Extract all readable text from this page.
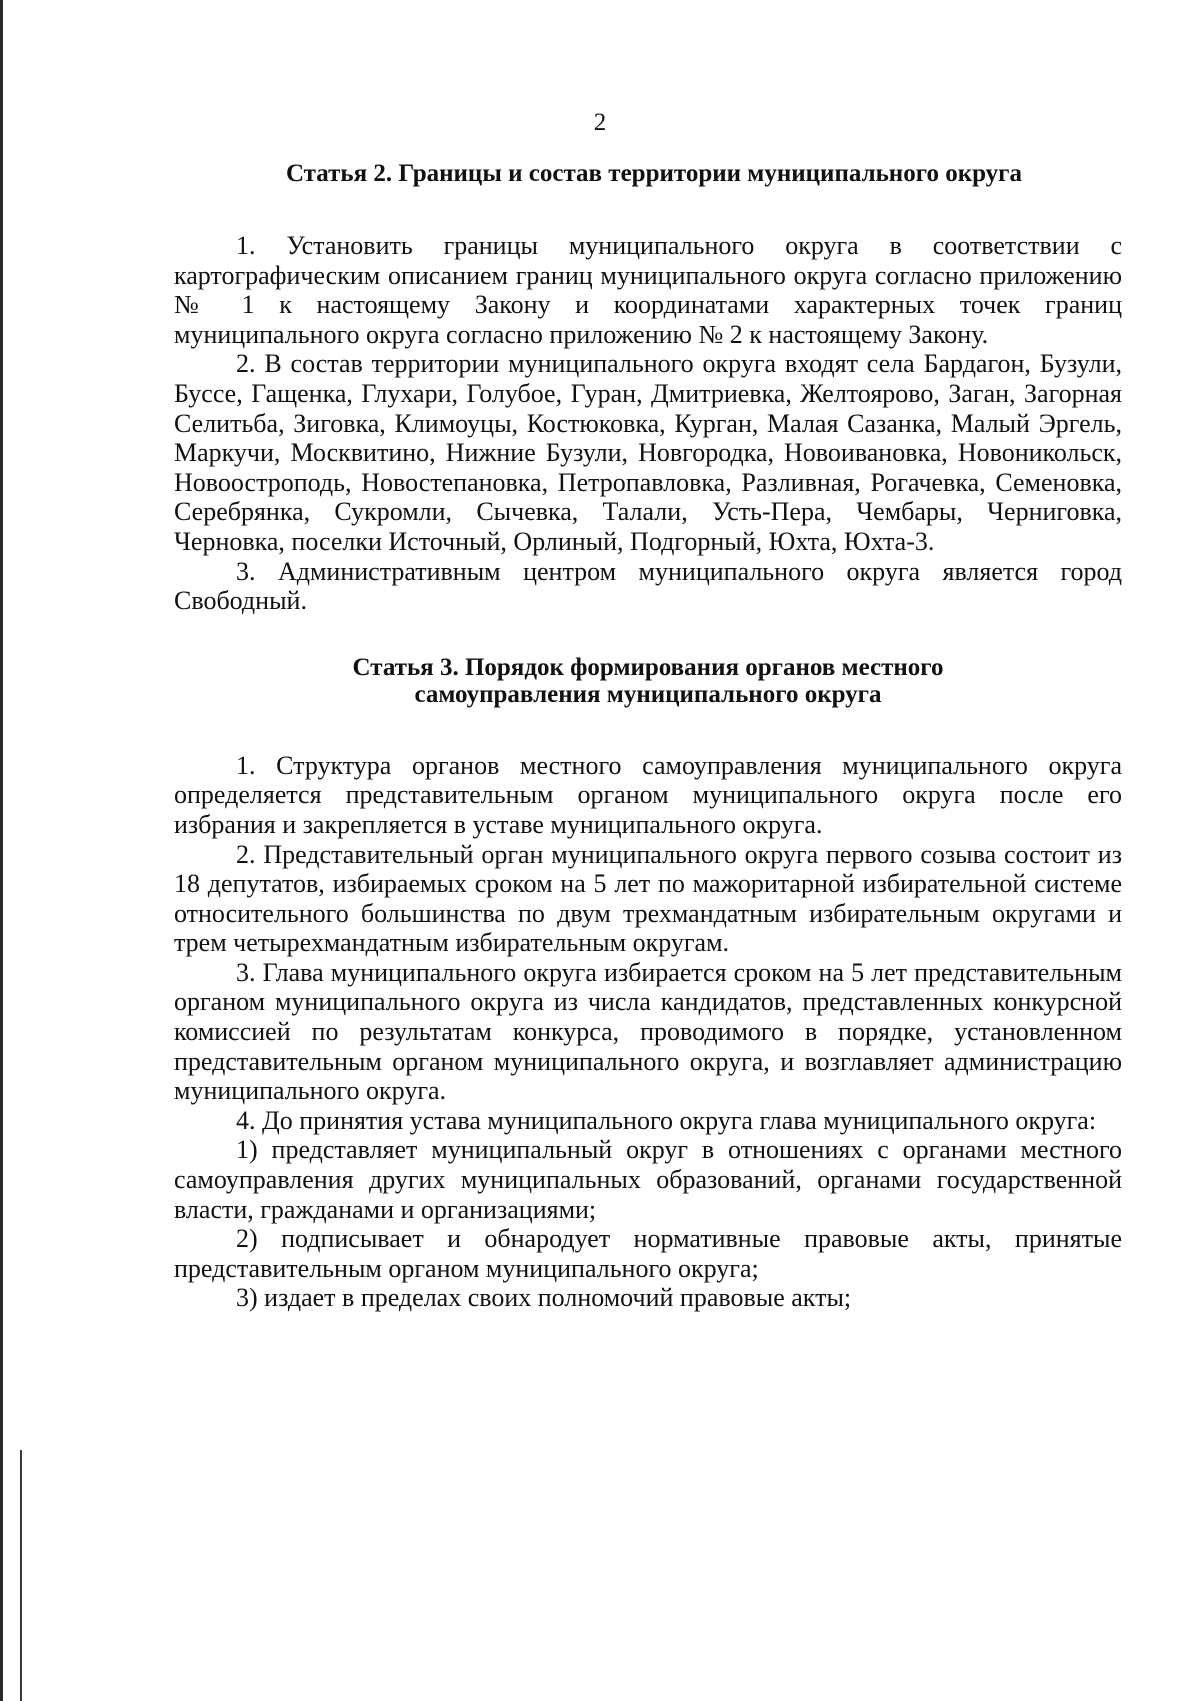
2

Статья 2. Границы и состав территории муниципального округа

1. Установить границы муниципального округа в соответствии с картографическим описанием границ муниципального округа согласно приложению № 1 к настоящему Закону и координатами характерных точек границ муниципального округа согласно приложению № 2 к настоящему Закону.

2. В состав территории муниципального округа входят села Бардагон, Бузули, Буссе, Гащенка, Глухари, Голубое, Гуран, Дмитриевка, Желтоярово, Заган, Загорная Селитьба, Зиговка, Климоуцы, Костюковка, Курган, Малая Сазанка, Малый Эргель, Маркучи, Москвитино, Нижние Бузули, Новгородка, Новоивановка, Новоникольск, Новоостроподь, Новостепановка, Петропавловка, Разливная, Рогачевка, Семеновка, Серебрянка, Сукромли, Сычевка, Талали, Усть-Пера, Чембары, Черниговка, Черновка, поселки Источный, Орлиный, Подгорный, Юхта, Юхта-3.

3. Административным центром муниципального округа является город Свободный.

Статья 3. Порядок формирования органов местного

самоуправления муниципального округа

1. Структура органов местного самоуправления муниципального округа определяется представительным органом муниципального округа после его избрания и закрепляется в уставе муниципального округа.

2. Представительный орган муниципального округа первого созыва состоит из 18 депутатов, избираемых сроком на 5 лет по мажоритарной избирательной системе относительного большинства по двум трехмандатным избирательным округами и трем четырехмандатным избирательным округам.

3. Глава муниципального округа избирается сроком на 5 лет представительным органом муниципального округа из числа кандидатов, представленных конкурсной комиссией по результатам конкурса, проводимого в порядке, установленном представительным органом муниципального округа, и возглавляет администрацию муниципального округа.

4. До принятия устава муниципального округа глава муниципального округа:

1) представляет муниципальный округ в отношениях с органами местного самоуправления других муниципальных образований, органами государственной власти, гражданами и организациями;

2) подписывает и обнародует нормативные правовые акты, принятые представительным органом муниципального округа;

3) издает в пределах своих полномочий правовые акты;
